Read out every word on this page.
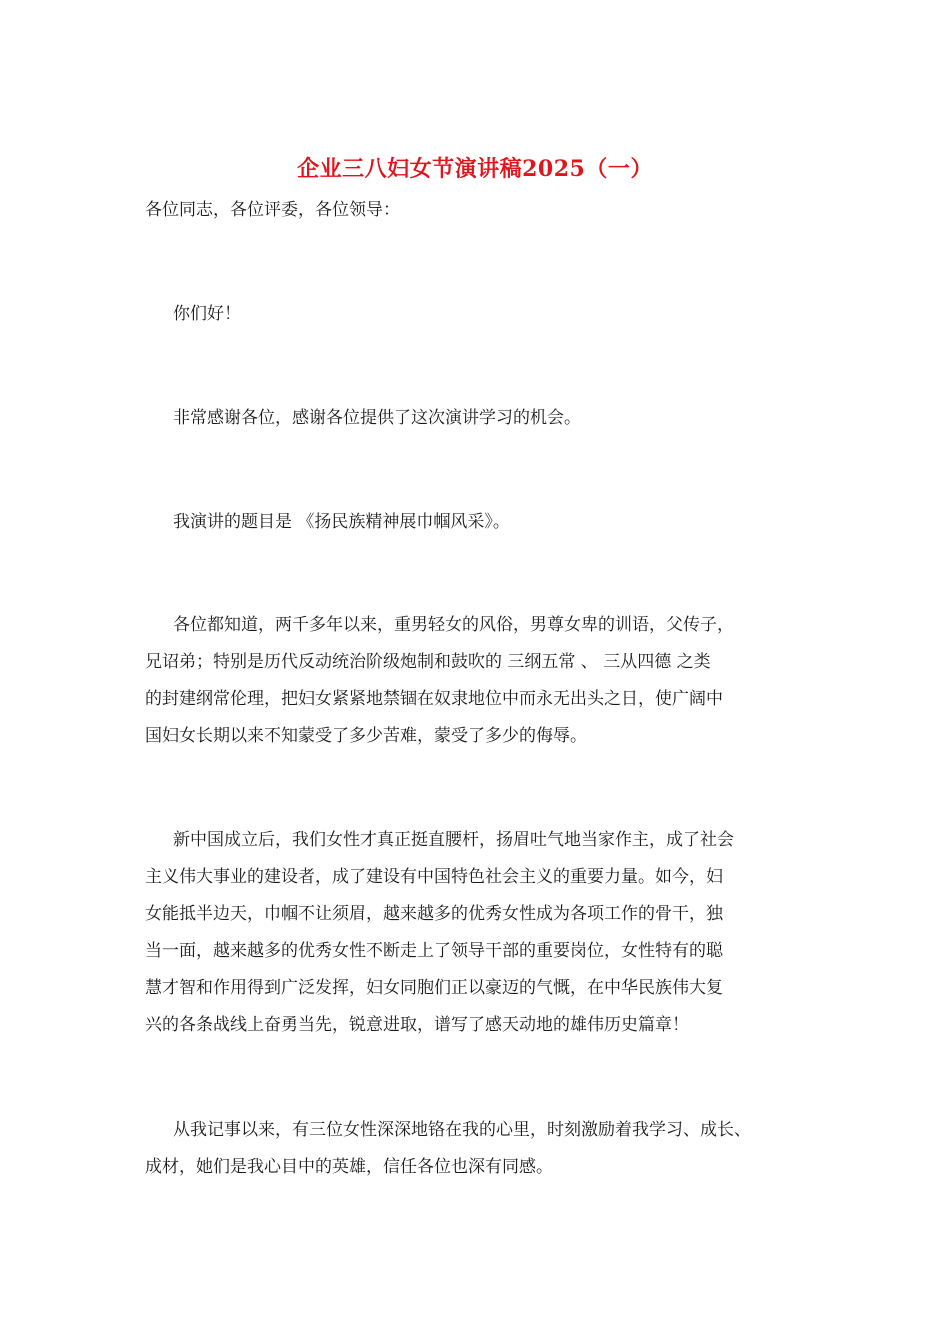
企业三八妇女节演讲稿2025（一）

各位同志，各位评委，各位领导：

你们好！

非常感谢各位，感谢各位提供了这次演讲学习的机会。

我演讲的题目是 《扬民族精神展巾帼风采》。

各位都知道，两千多年以来，重男轻女的风俗，男尊女卑的训语，父传子，
兄诏弟；特别是历代反动统治阶级炮制和鼓吹的 三纲五常 、 三从四德 之类
的封建纲常伦理，把妇女紧紧地禁锢在奴隶地位中而永无出头之日，使广阔中
国妇女长期以来不知蒙受了多少苦难，蒙受了多少的侮辱。
新中国成立后，我们女性才真正挺直腰杆，扬眉吐气地当家作主，成了社会
主义伟大事业的建设者，成了建设有中国特色社会主义的重要力量。如今，妇
女能抵半边天，巾帼不让须眉，越来越多的优秀女性成为各项工作的骨干，独
当一面，越来越多的优秀女性不断走上了领导干部的重要岗位，女性特有的聪
慧才智和作用得到广泛发挥，妇女同胞们正以豪迈的气慨，在中华民族伟大复
兴的各条战线上奋勇当先，锐意进取，谱写了感天动地的雄伟历史篇章！
从我记事以来，有三位女性深深地铬在我的心里，时刻激励着我学习、成长、
成材，她们是我心目中的英雄，信任各位也深有同感。
